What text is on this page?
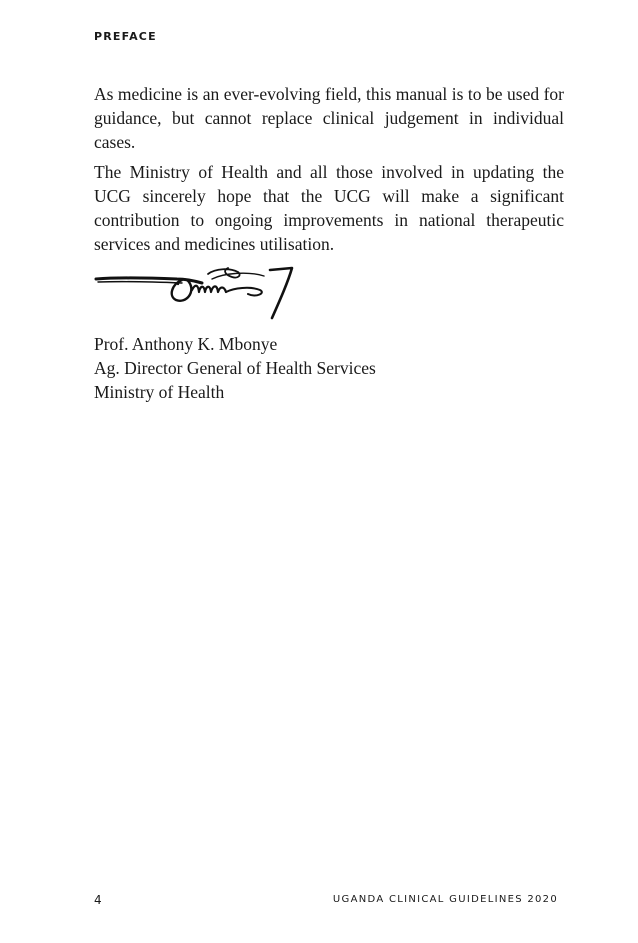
PREFACE

As medicine is an ever-evolving field, this manual is to be used for guidance, but cannot replace clinical judgement in individual cases.

The Ministry of Health and all those involved in updating the UCG sincerely hope that the UCG will make a significant contribution to ongoing improvements in national therapeutic services and medicines utilisation.

Prof. Anthony K. Mbonye
Ag. Director General of Health Services
Ministry of Health
4	UGANDA CLINICAL GUIDELINES 2020
